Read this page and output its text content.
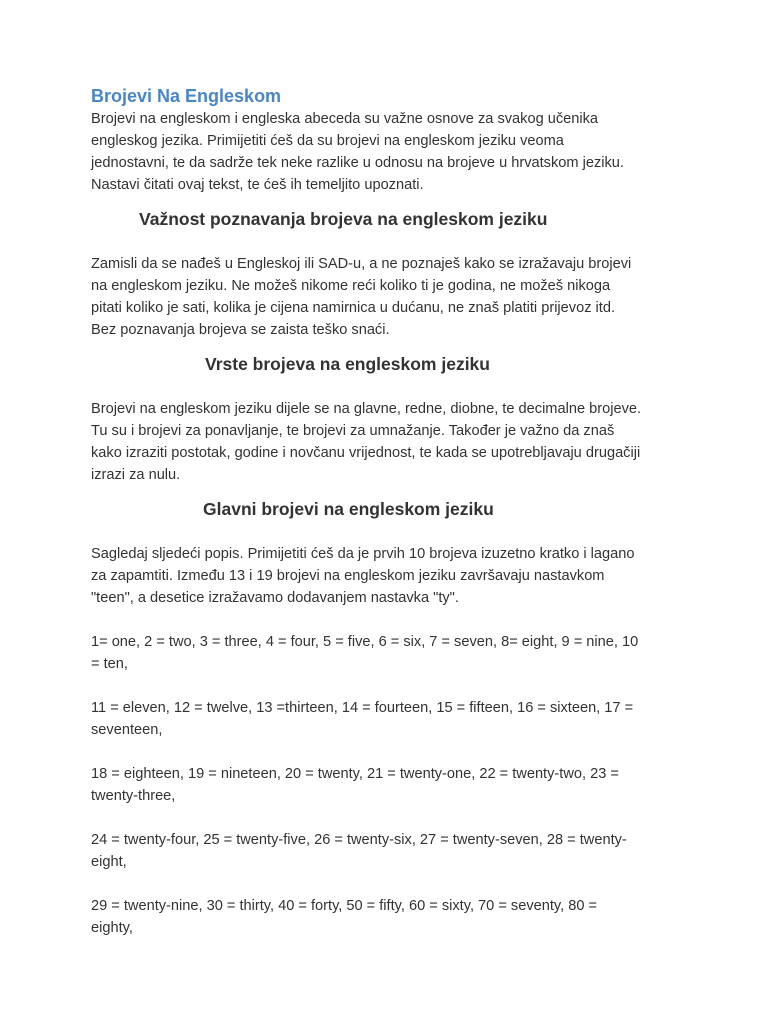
Brojevi Na Engleskom
Brojevi na engleskom i engleska abeceda su važne osnove za svakog učenika
engleskog jezika. Primijetiti ćeš da su brojevi na engleskom jeziku veoma
jednostavni, te da sadrže tek neke razlike u odnosu na brojeve u hrvatskom jeziku.
Nastavi čitati ovaj tekst, te ćeš ih temeljito upoznati.
Važnost poznavanja brojeva na engleskom jeziku
Zamisli da se nađeš u Engleskoj ili SAD-u, a ne poznaješ kako se izražavaju brojevi
na engleskom jeziku. Ne možeš nikome reći koliko ti je godina, ne možeš nikoga
pitati koliko je sati, kolika je cijena namirnica u dućanu, ne znaš platiti prijevoz itd.
Bez poznavanja brojeva se zaista teško snaći.
Vrste brojeva na engleskom jeziku
Brojevi na engleskom jeziku dijele se na glavne, redne, diobne, te decimalne brojeve.
Tu su i brojevi za ponavljanje, te brojevi za umnažanje. Također je važno da znaš
kako izraziti postotak, godine i novčanu vrijednost, te kada se upotrebljavaju drugačiji
izrazi za nulu.
Glavni brojevi na engleskom jeziku
Sagledaj sljedeći popis. Primijetiti ćeš da je prvih 10 brojeva izuzetno kratko i lagano
za zapamtiti. Između 13 i 19 brojevi na engleskom jeziku završavaju nastavkom
"teen", a desetice izražavamo dodavanjem nastavka "ty".
1= one, 2 = two, 3 = three, 4 = four, 5 = five, 6 = six, 7 = seven, 8= eight, 9 = nine, 10
= ten,
11 = eleven, 12 = twelve, 13 =thirteen, 14 = fourteen, 15 = fifteen, 16 = sixteen, 17 =
seventeen,
18 = eighteen, 19 = nineteen, 20 = twenty, 21 = twenty-one, 22 = twenty-two, 23 =
twenty-three,
24 = twenty-four, 25 = twenty-five, 26 = twenty-six, 27 = twenty-seven, 28 = twenty-
eight,
29 = twenty-nine, 30 = thirty, 40 = forty, 50 = fifty, 60 = sixty, 70 = seventy, 80 =
eighty,
